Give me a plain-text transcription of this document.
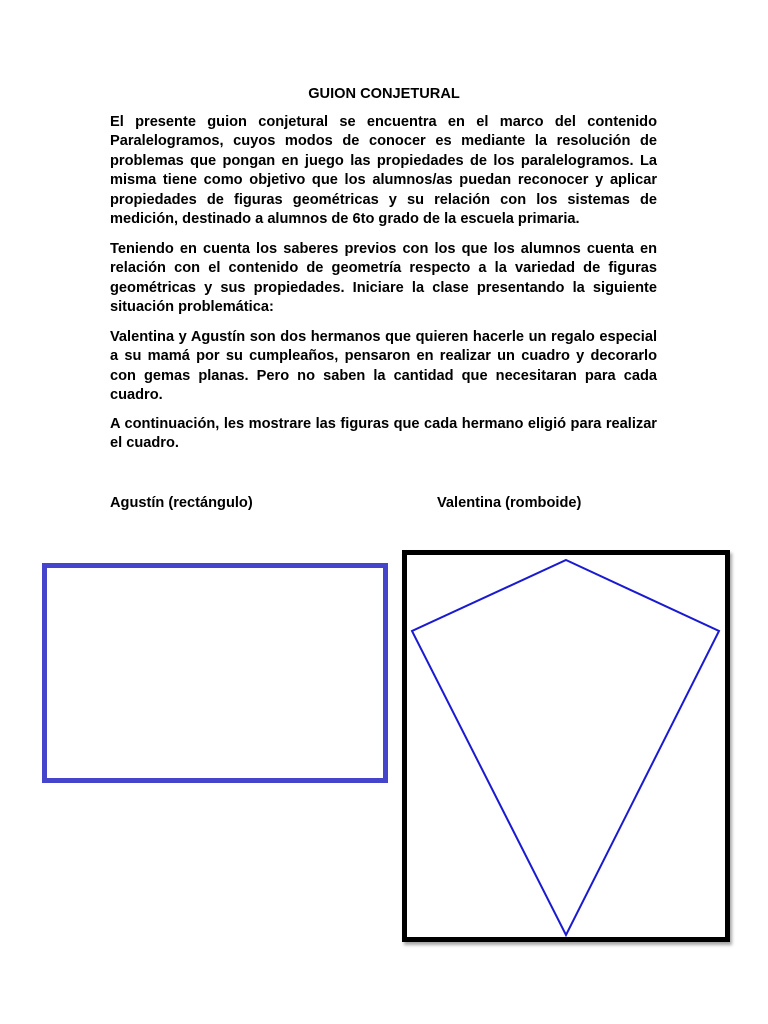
GUION CONJETURAL

El presente guion conjetural se encuentra en el marco del contenido Paralelogramos, cuyos modos de conocer es mediante la resolución de problemas que pongan en juego las propiedades de los paralelogramos. La misma tiene como objetivo que los alumnos/as puedan reconocer y aplicar propiedades de figuras geométricas y su relación con los sistemas de medición, destinado a alumnos de 6to grado de la escuela primaria.

Teniendo en cuenta los saberes previos con los que los alumnos cuenta en relación con el contenido de geometría respecto a la variedad de figuras geométricas y sus propiedades. Iniciare la clase presentando la siguiente situación problemática:

Valentina y Agustín son dos hermanos que quieren hacerle un regalo especial a su mamá por su cumpleaños, pensaron en realizar un cuadro y decorarlo con gemas planas. Pero no saben la cantidad que necesitaran para cada cuadro.

A continuación, les mostrare las figuras que cada hermano eligió para realizar el cuadro.

Agustín (rectángulo)	Valentina (romboide)
